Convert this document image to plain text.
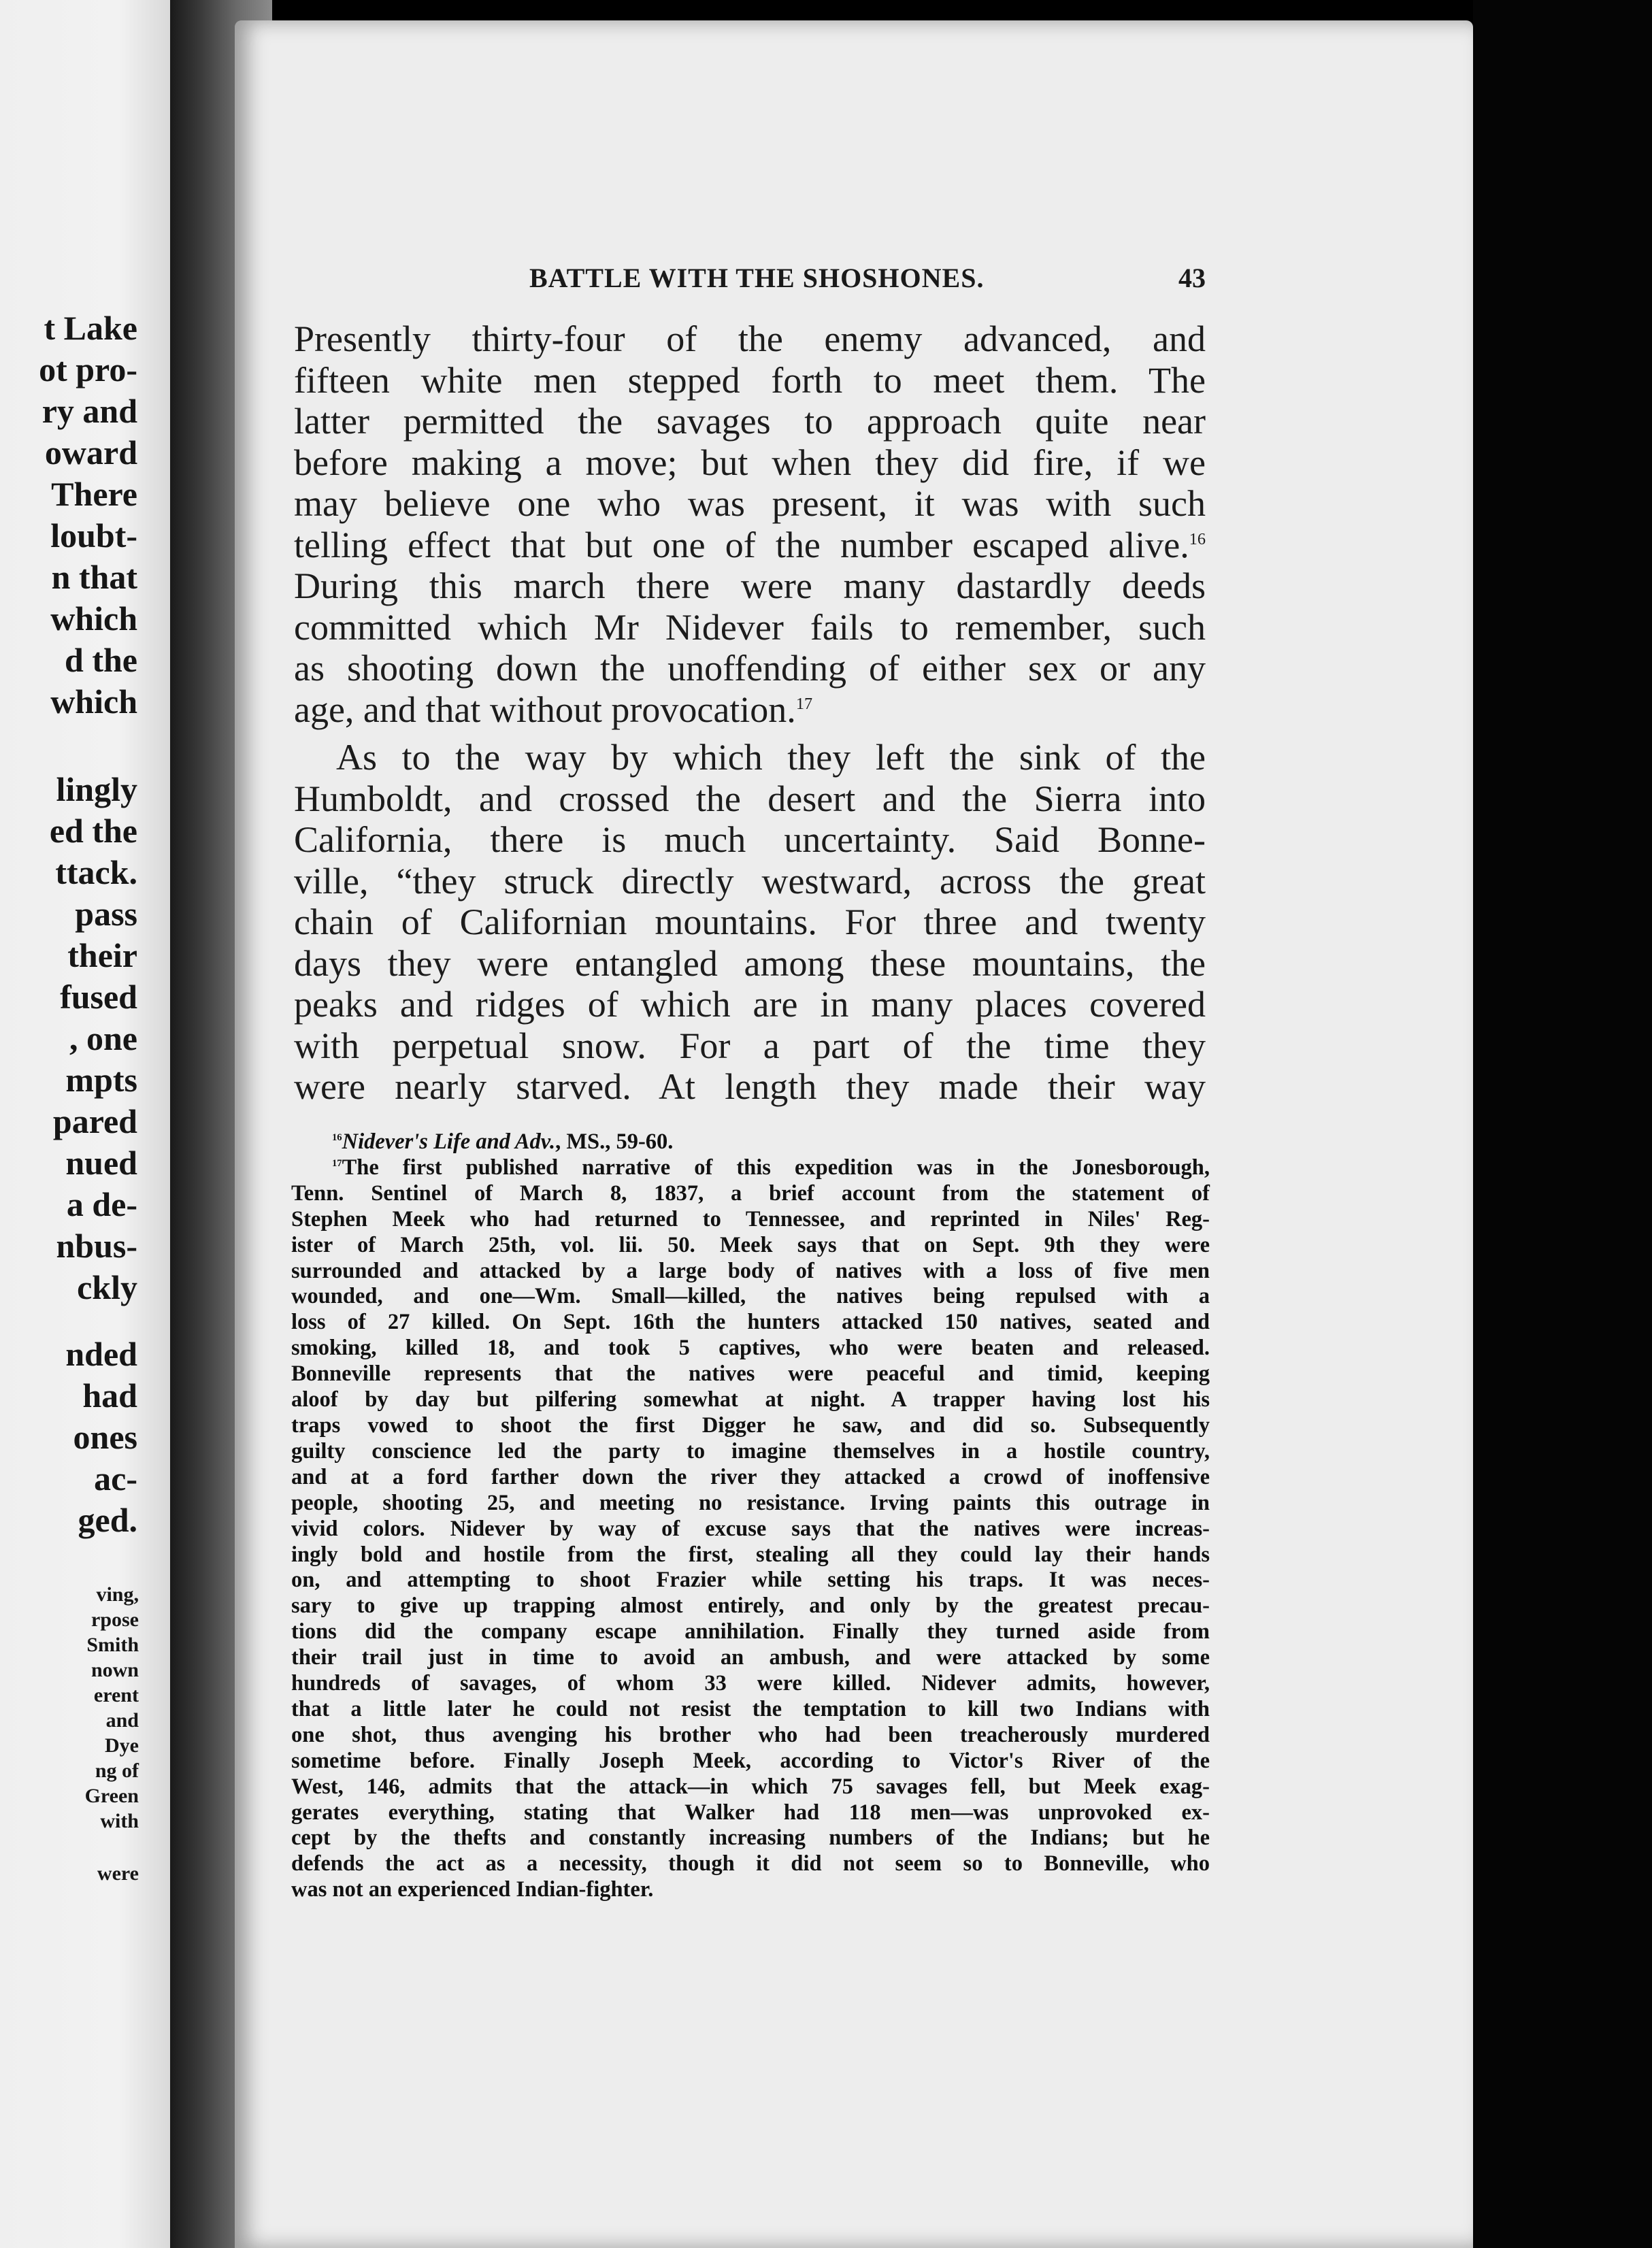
t Lake
ot pro-
ry and
oward
There
loubt-
n that
which
d the
which
lingly
ed the
ttack.
pass
their
fused
, one
mpts
pared
nued
a de-
nbus-
ckly
nded
had
ones
ac-
ged.
ving,
rpose
Smith
nown
erent
and
Dye
ng of
Green
with
were
BATTLE WITH THE SHOSHONES.	43
Presently thirty-four of the enemy advanced, and
fifteen white men stepped forth to meet them. The
latter permitted the savages to approach quite near
before making a move; but when they did fire, if we
may believe one who was present, it was with such
telling effect that but one of the number escaped alive.$^{16}$
During this march there were many dastardly deeds
committed which Mr Nidever fails to remember, such
as shooting down the unoffending of either sex or any
age, and that without provocation.$^{17}$
As to the way by which they left the sink of the
Humboldt, and crossed the desert and the Sierra into
California, there is much uncertainty. Said Bonne-
ville, “they struck directly westward, across the great
chain of Californian mountains. For three and twenty
days they were entangled among these mountains, the
peaks and ridges of which are in many places covered
with perpetual snow. For a part of the time they
were nearly starved. At length they made their way
$^{16}$Nidever's Life and Adv., MS., 59-60.
$^{17}$The first published narrative of this expedition was in the Jonesborough,
Tenn. Sentinel of March 8, 1837, a brief account from the statement of
Stephen Meek who had returned to Tennessee, and reprinted in Niles' Reg-
ister of March 25th, vol. lii. 50. Meek says that on Sept. 9th they were
surrounded and attacked by a large body of natives with a loss of five men
wounded, and one—Wm. Small—killed, the natives being repulsed with a
loss of 27 killed. On Sept. 16th the hunters attacked 150 natives, seated and
smoking, killed 18, and took 5 captives, who were beaten and released.
Bonneville represents that the natives were peaceful and timid, keeping
aloof by day but pilfering somewhat at night. A trapper having lost his
traps vowed to shoot the first Digger he saw, and did so. Subsequently
guilty conscience led the party to imagine themselves in a hostile country,
and at a ford farther down the river they attacked a crowd of inoffensive
people, shooting 25, and meeting no resistance. Irving paints this outrage in
vivid colors. Nidever by way of excuse says that the natives were increas-
ingly bold and hostile from the first, stealing all they could lay their hands
on, and attempting to shoot Frazier while setting his traps. It was neces-
sary to give up trapping almost entirely, and only by the greatest precau-
tions did the company escape annihilation. Finally they turned aside from
their trail just in time to avoid an ambush, and were attacked by some
hundreds of savages, of whom 33 were killed. Nidever admits, however,
that a little later he could not resist the temptation to kill two Indians with
one shot, thus avenging his brother who had been treacherously murdered
sometime before. Finally Joseph Meek, according to Victor's River of the
West, 146, admits that the attack—in which 75 savages fell, but Meek exag-
gerates everything, stating that Walker had 118 men—was unprovoked ex-
cept by the thefts and constantly increasing numbers of the Indians; but he
defends the act as a necessity, though it did not seem so to Bonneville, who
was not an experienced Indian-fighter.
